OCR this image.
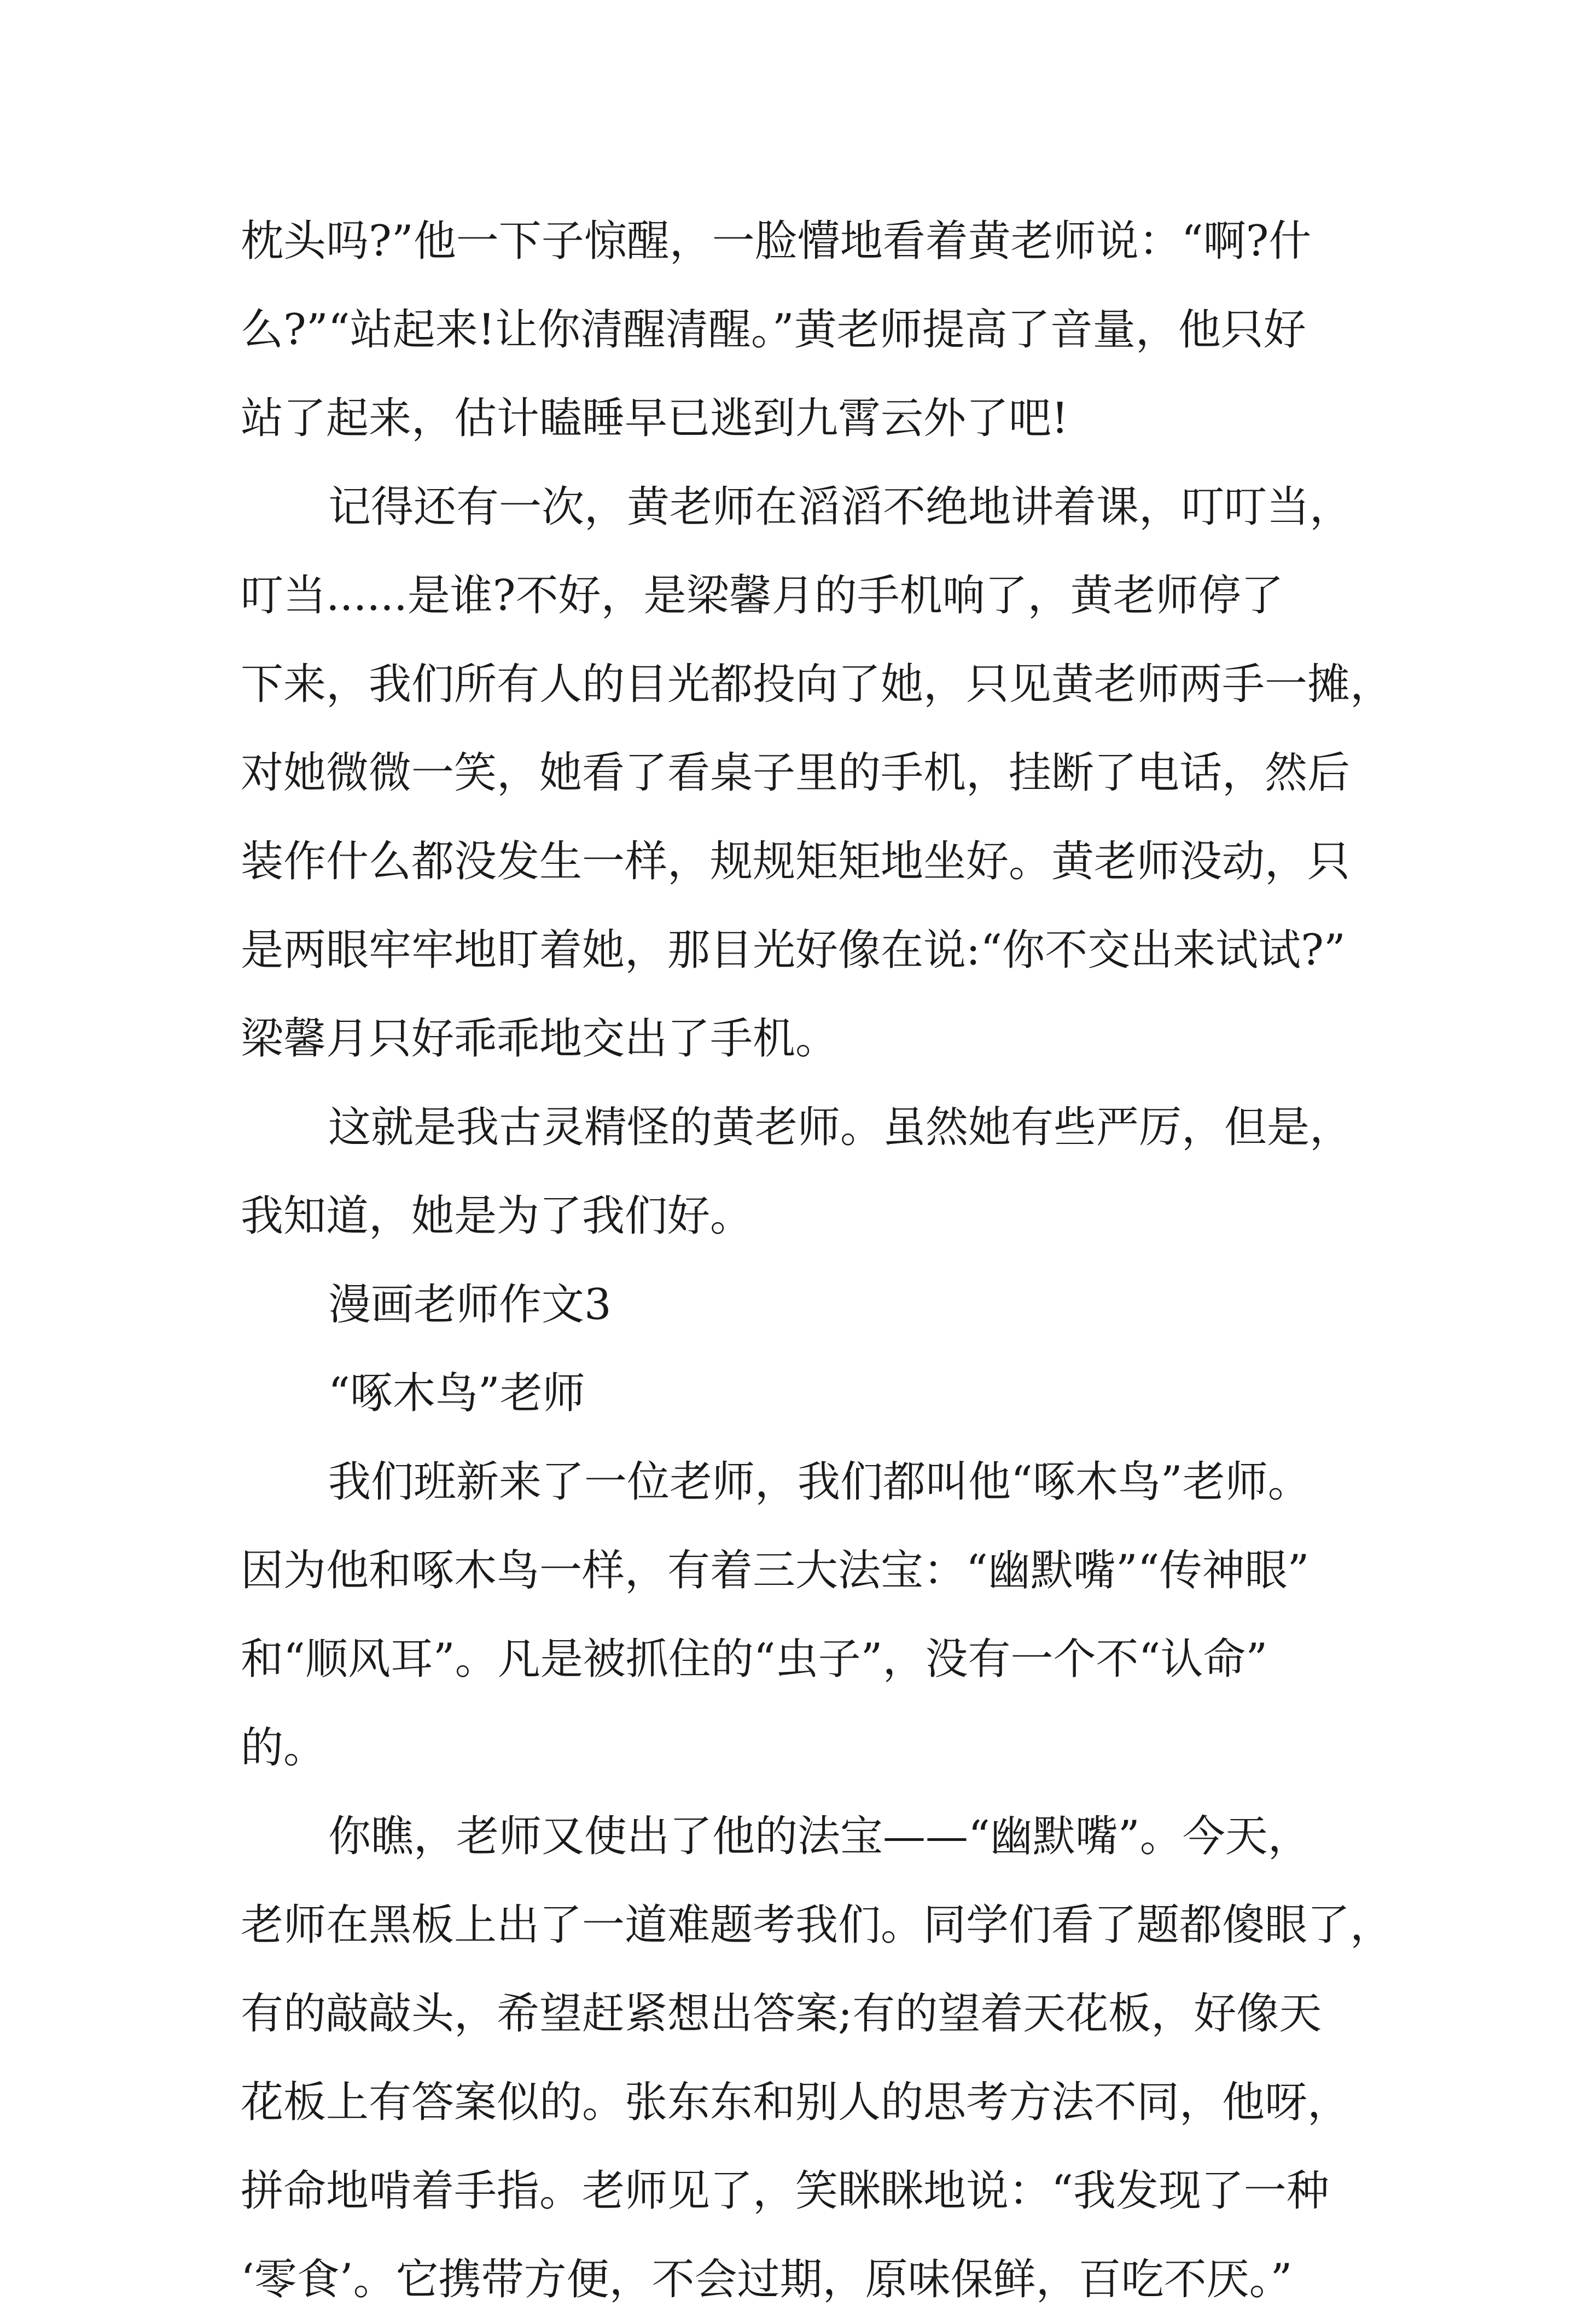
枕头吗?”他一下子惊醒，一脸懵地看着黄老师说：“啊?什
么?”“站起来!让你清醒清醒。”黄老师提高了音量，他只好
站了起来，估计瞌睡早已逃到九霄云外了吧!
记得还有一次，黄老师在滔滔不绝地讲着课，叮叮当，
叮当......是谁?不好，是梁馨月的手机响了，黄老师停了
下来，我们所有人的目光都投向了她，只见黄老师两手一摊，
对她微微一笑，她看了看桌子里的手机，挂断了电话，然后
装作什么都没发生一样，规规矩矩地坐好。黄老师没动，只
是两眼牢牢地盯着她，那目光好像在说:“你不交出来试试?”
梁馨月只好乖乖地交出了手机。
这就是我古灵精怪的黄老师。虽然她有些严厉，但是，
我知道，她是为了我们好。
漫画老师作文3
“啄木鸟”老师
我们班新来了一位老师，我们都叫他“啄木鸟”老师。
因为他和啄木鸟一样，有着三大法宝：“幽默嘴”“传神眼”
和“顺风耳”。凡是被抓住的“虫子”，没有一个不“认命”
的。
你瞧，老师又使出了他的法宝——“幽默嘴”。今天，
老师在黑板上出了一道难题考我们。同学们看了题都傻眼了，
有的敲敲头，希望赶紧想出答案;有的望着天花板，好像天
花板上有答案似的。张东东和别人的思考方法不同，他呀，
拼命地啃着手指。老师见了，笑眯眯地说：“我发现了一种
‘零食’。它携带方便，不会过期，原味保鲜，百吃不厌。”
